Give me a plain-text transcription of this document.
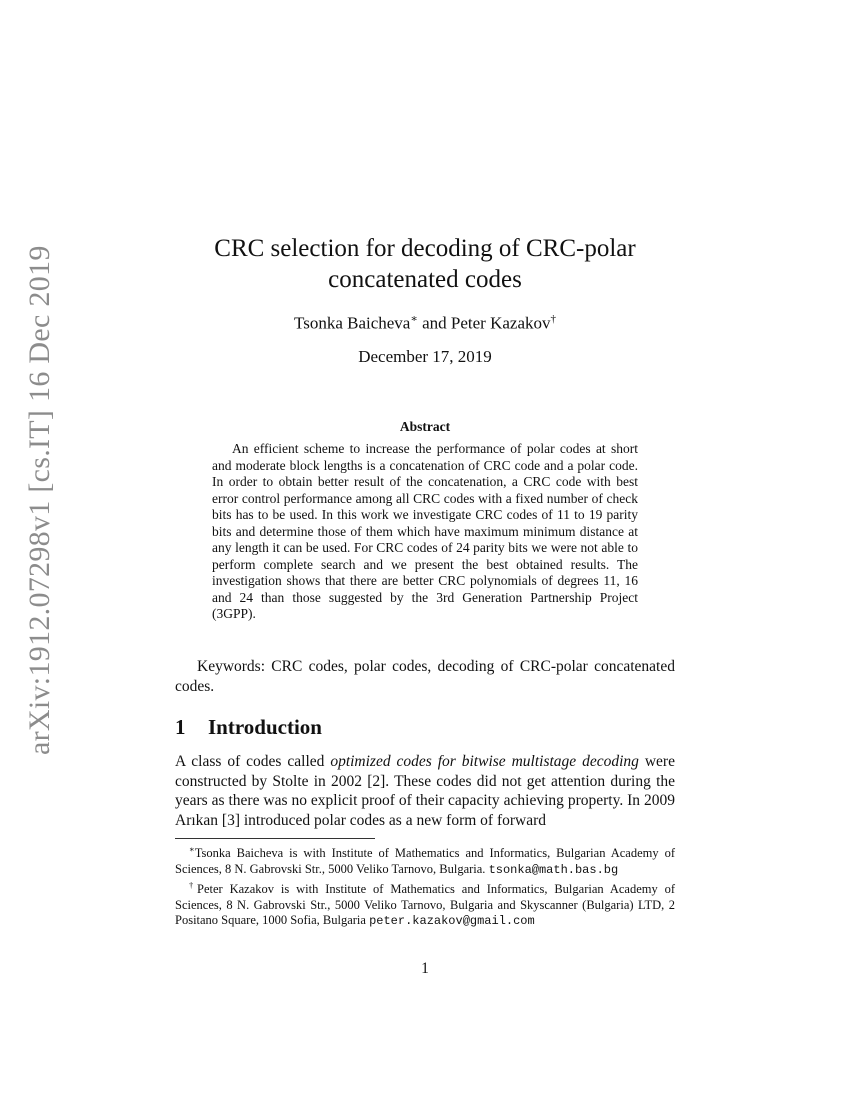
arXiv:1912.07298v1 [cs.IT] 16 Dec 2019	CRC selection for decoding of CRC-polar
concatenated codes
Tsonka Baicheva∗ and Peter Kazakov†
December 17, 2019
Abstract
An efficient scheme to increase the performance of polar codes at short and moderate block lengths is a concatenation of CRC code and a polar code. In order to obtain better result of the concatenation, a CRC code with best error control performance among all CRC codes with a fixed number of check bits has to be used. In this work we investigate CRC codes of 11 to 19 parity bits and determine those of them which have maximum minimum distance at any length it can be used. For CRC codes of 24 parity bits we were not able to perform complete search and we present the best obtained results. The investigation shows that there are better CRC polynomials of degrees 11, 16 and 24 than those suggested by the 3rd Generation Partnership Project (3GPP).
Keywords: CRC codes, polar codes, decoding of CRC-polar concatenated codes.
1 Introduction
A class of codes called optimized codes for bitwise multistage decoding were constructed by Stolte in 2002 [2]. These codes did not get attention during the years as there was no explicit proof of their capacity achieving property. In 2009 Arıkan [3] introduced polar codes as a new form of forward

∗Tsonka Baicheva is with Institute of Mathematics and Informatics, Bulgarian Academy of Sciences, 8 N. Gabrovski Str., 5000 Veliko Tarnovo, Bulgaria. tsonka@math.bas.bg

†Peter Kazakov is with Institute of Mathematics and Informatics, Bulgarian Academy of Sciences, 8 N. Gabrovski Str., 5000 Veliko Tarnovo, Bulgaria and Skyscanner (Bulgaria) LTD, 2 Positano Square, 1000 Sofia, Bulgaria peter.kazakov@gmail.com

1
